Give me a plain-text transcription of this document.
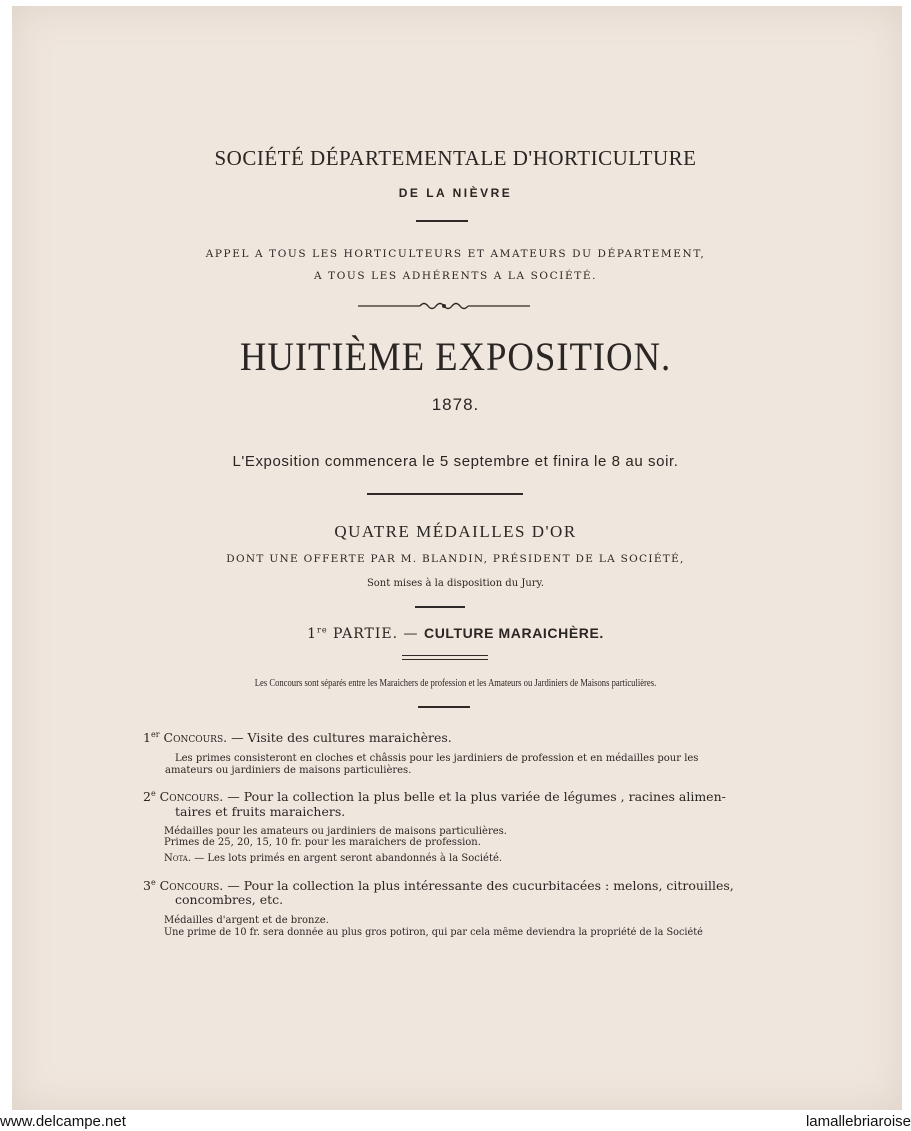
SOCIÉTÉ DÉPARTEMENTALE D'HORTICULTURE
DE LA NIÈVRE
APPEL A TOUS LES HORTICULTEURS ET AMATEURS DU DÉPARTEMENT,
A TOUS LES ADHÉRENTS A LA SOCIÉTÉ.
HUITIÈME EXPOSITION.
1878.
L'Exposition commencera le 5 septembre et finira le 8 au soir.
QUATRE MÉDAILLES D'OR
DONT UNE OFFERTE PAR M. BLANDIN, PRÉSIDENT DE LA SOCIÉTÉ,
Sont mises à la disposition du Jury.
1re PARTIE. — CULTURE MARAICHÈRE.
Les Concours sont séparés entre les Maraichers de profession et les Amateurs ou Jardiniers de Maisons particulières.
1er Concours. — Visite des cultures maraichères.
Les primes consisteront en cloches et châssis pour les jardiniers de profession et en médailles pour les
amateurs ou jardiniers de maisons particulières.
2e Concours. — Pour la collection la plus belle et la plus variée de légumes , racines alimen-
taires et fruits maraichers.
Médailles pour les amateurs ou jardiniers de maisons particulières.
Primes de 25, 20, 15, 10 fr. pour les maraichers de profession.
Nota. — Les lots primés en argent seront abandonnés à la Société.
3e Concours. — Pour la collection la plus intéressante des cucurbitacées : melons, citrouilles,
concombres, etc.
Médailles d'argent et de bronze.
Une prime de 10 fr. sera donnée au plus gros potiron, qui par cela même deviendra la propriété de la Société
www.delcampe.net	lamallebriaroise
